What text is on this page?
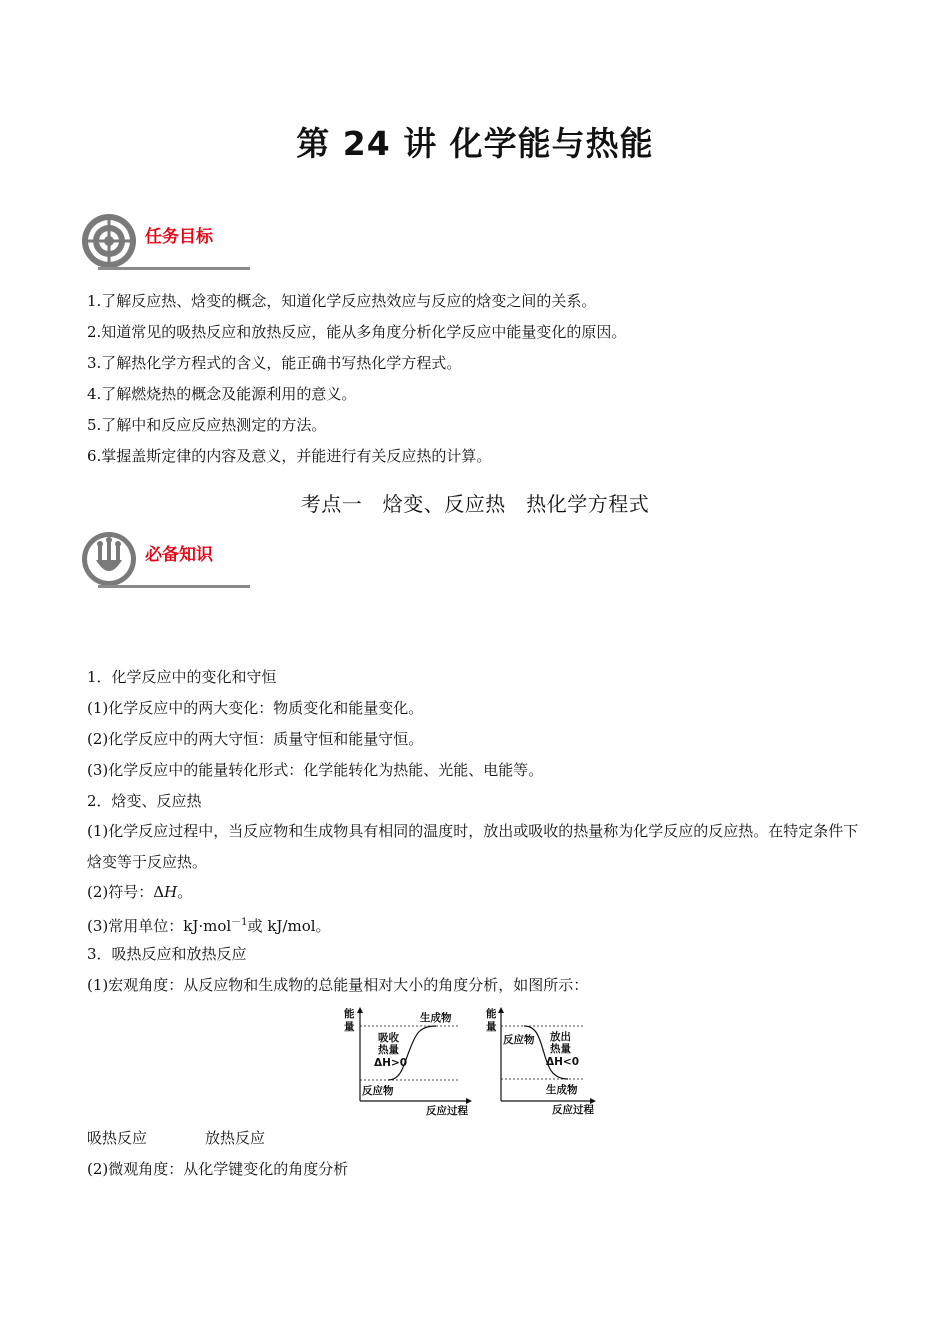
第 24 讲 化学能与热能
任务目标
1.了解反应热、焓变的概念，知道化学反应热效应与反应的焓变之间的关系。
2.知道常见的吸热反应和放热反应，能从多角度分析化学反应中能量变化的原因。
3.了解热化学方程式的含义，能正确书写热化学方程式。
4.了解燃烧热的概念及能源利用的意义。
5.了解中和反应反应热测定的方法。
6.掌握盖斯定律的内容及意义，并能进行有关反应热的计算。
考点一　焓变、反应热　热化学方程式
必备知识
1．化学反应中的变化和守恒
(1)化学反应中的两大变化：物质变化和能量变化。
(2)化学反应中的两大守恒：质量守恒和能量守恒。
(3)化学反应中的能量转化形式：化学能转化为热能、光能、电能等。
2．焓变、反应热
(1)化学反应过程中，当反应物和生成物具有相同的温度时，放出或吸收的热量称为化学反应的反应热。在特定条件下焓变等于反应热。
(2)符号：ΔH。
(3)常用单位：kJ·mol$^{-1}$或 kJ/mol。
3．吸热反应和放热反应
(1)宏观角度：从反应物和生成物的总能量相对大小的角度分析，如图所示：
能
量
生成物
吸收
热量
ΔH>0
反应物
反应过程
能
量
反应物 放出
热量
ΔH<0
生成物
反应过程
吸热反应	放热反应
(2)微观角度：从化学键变化的角度分析
